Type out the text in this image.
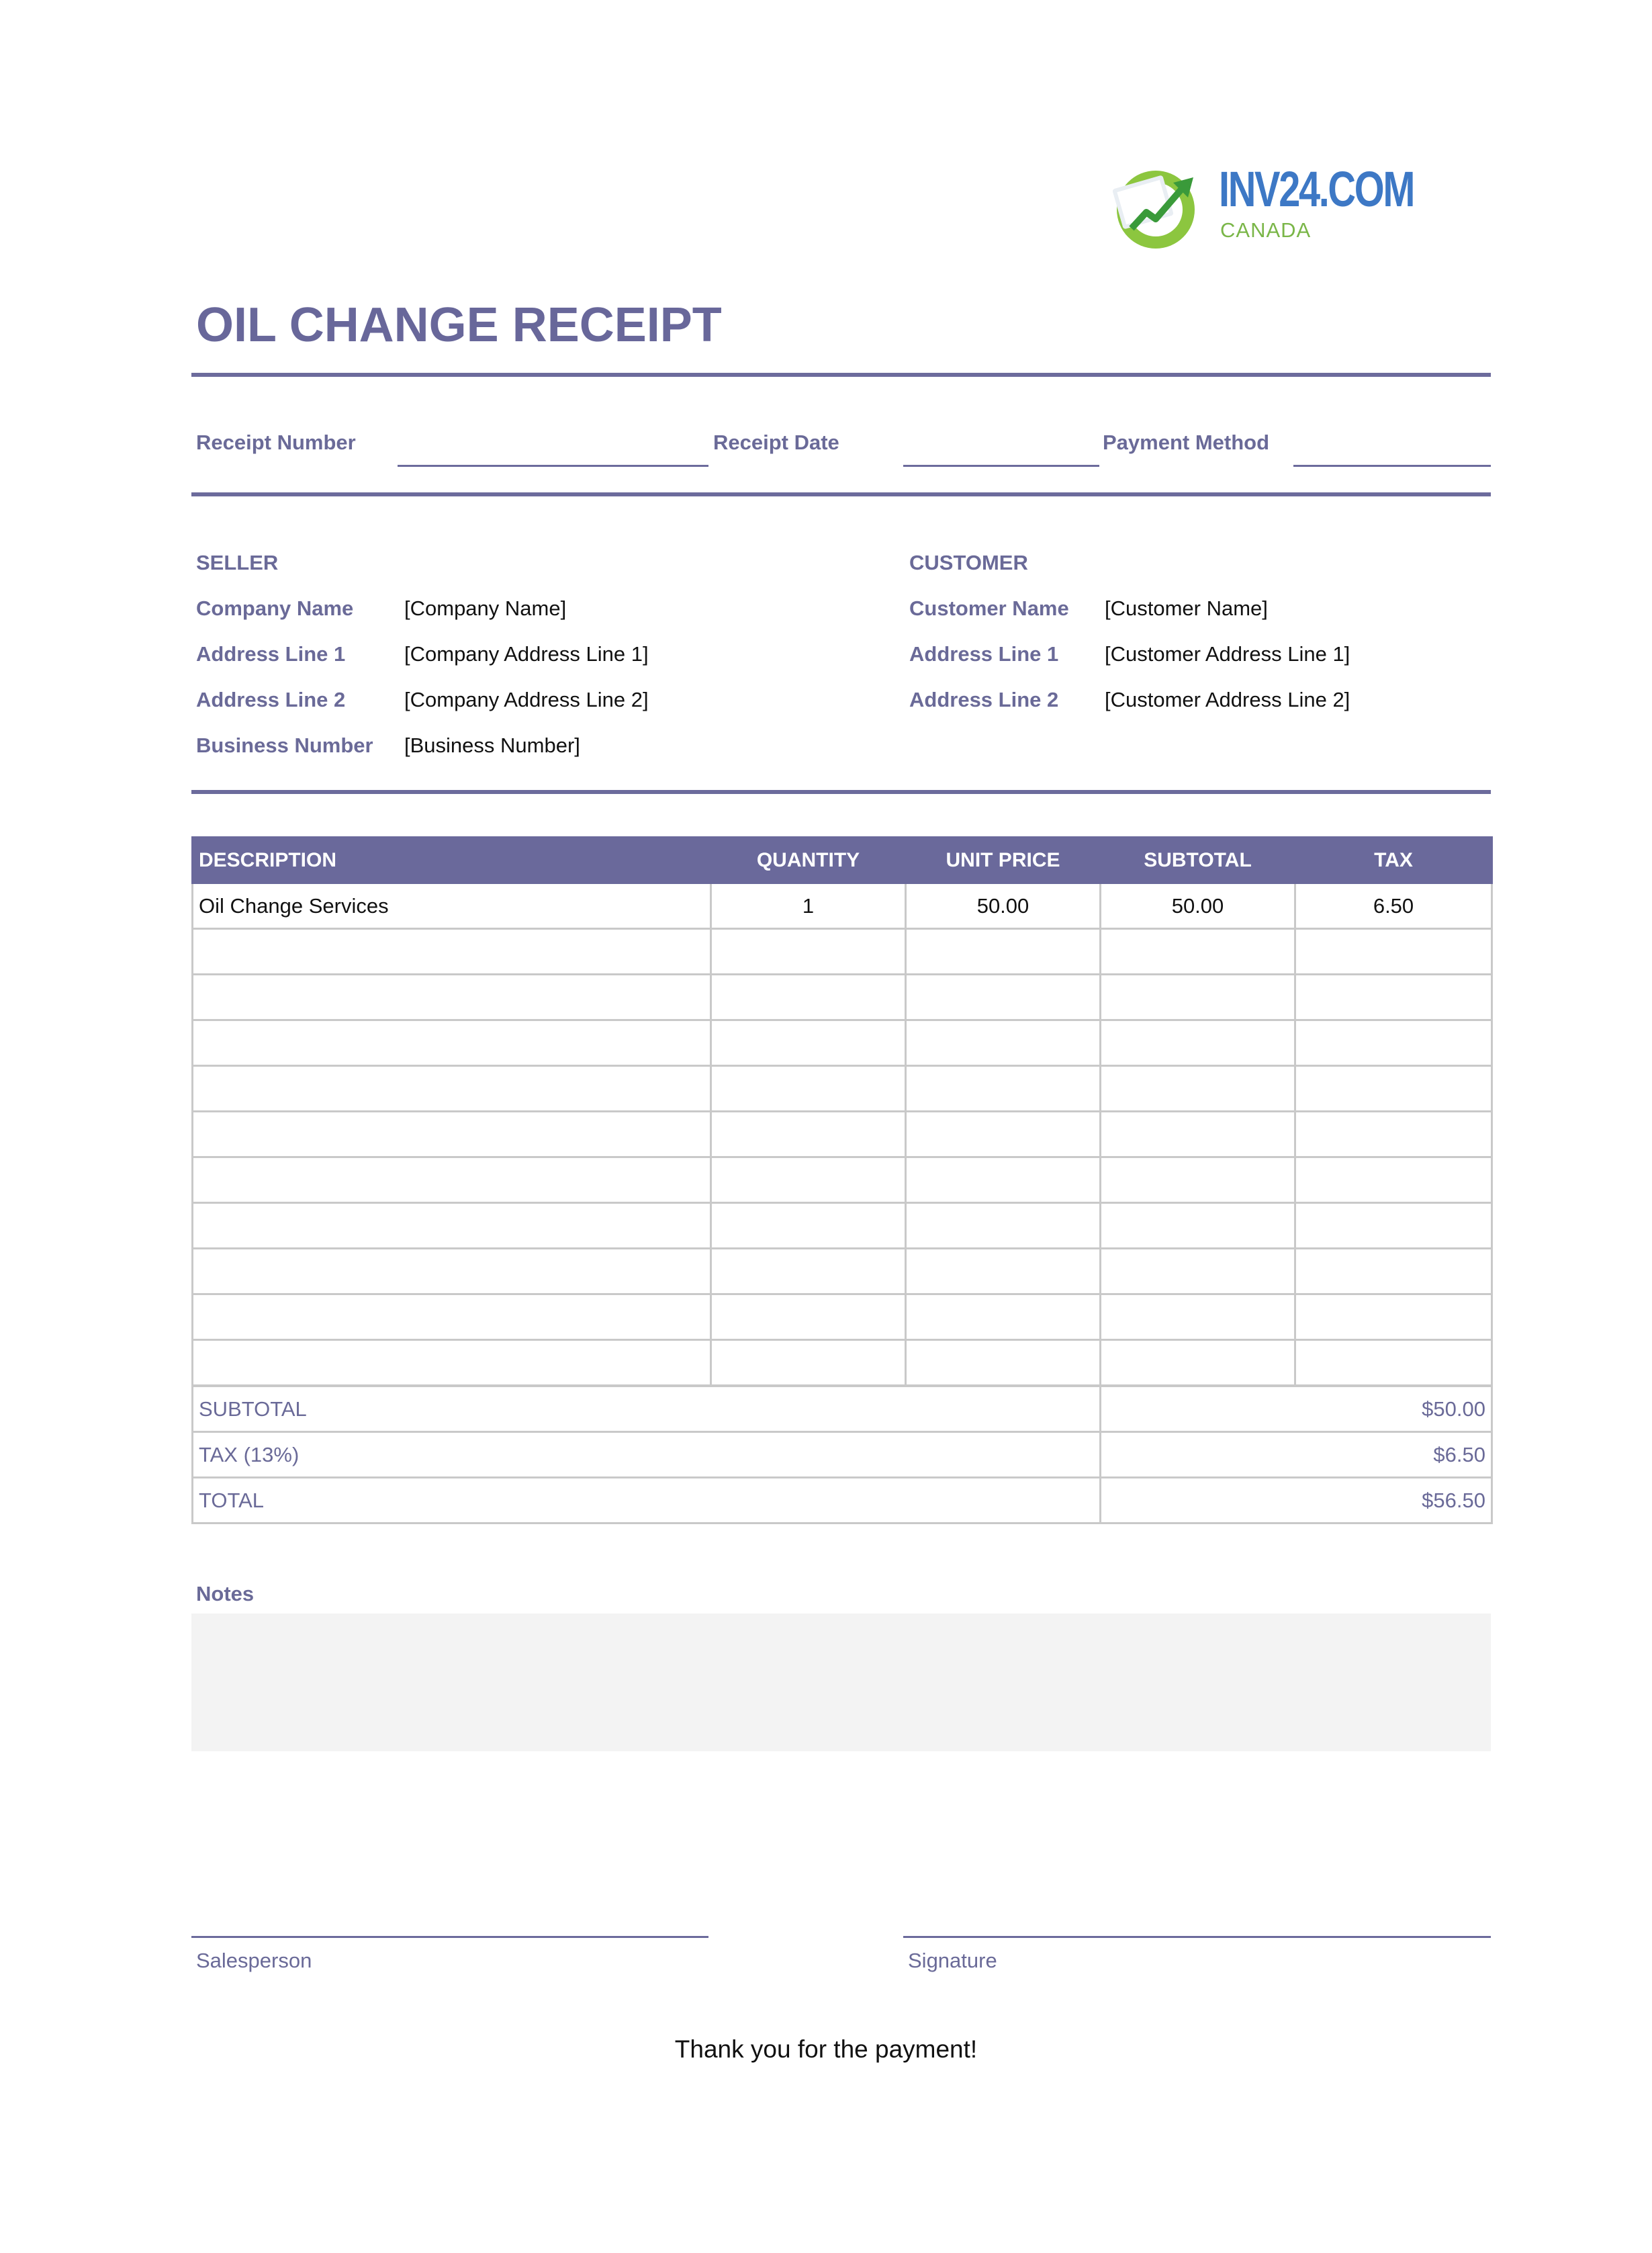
INV24.COM
CANADA
OIL CHANGE RECEIPT
Receipt Number	Receipt Date	Payment Method
SELLER
Company Name [Company Name]
Address Line 1	[Company Address Line 1]
Address Line 2	[Company Address Line 2]
Business Number [Business Number]
CUSTOMER
Customer Name [Customer Name]
Address Line 1 [Customer Address Line 1]
Address Line 2 [Customer Address Line 2]
DESCRIPTION	QUANTITY	UNIT PRICE	SUBTOTAL	TAX
Oil Change Services	1	50.00	50.00	6.50

SUBTOTAL	$50.00
TAX (13%)	$6.50
TOTAL	$56.50
Notes
Salesperson	Signature
Thank you for the payment!
